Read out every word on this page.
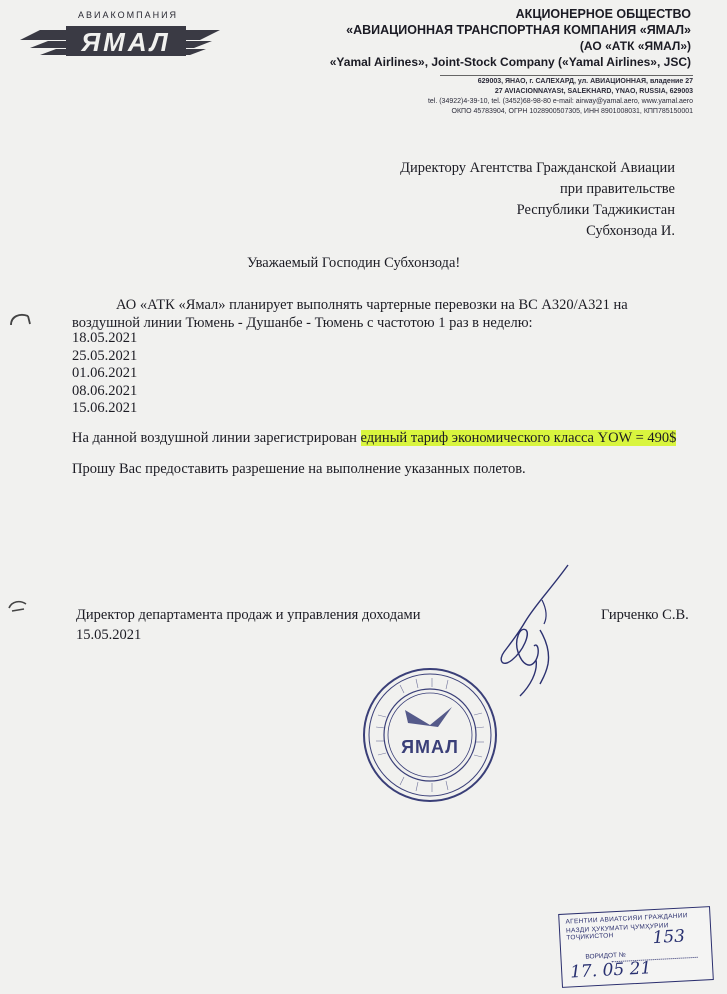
ЯМАЛ
АВИАКОМПАНИЯ	АКЦИОНЕРНОЕ ОБЩЕСТВО
«АВИАЦИОННАЯ ТРАНСПОРТНАЯ КОМПАНИЯ «ЯМАЛ»
(АО «АТК «ЯМАЛ»)
«Yamal Airlines», Joint-Stock Company («Yamal Airlines», JSC)
629003, ЯНАО, г. САЛЕХАРД, ул. АВИАЦИОННАЯ, владение 27
27 AVIACIONNAYASt, SALEKHARD, YNAO, RUSSIA, 629003
tel. (34922)4-39-10, tel. (3452)68-98-80 e-mail: airway@yamal.aero, www.yamal.aero
ОКПО 45783904, ОГРН 1028900507305, ИНН 8901008031, КПП785150001
Директору Агентства Гражданской Авиации
при правительстве
Республики Таджикистан
Субхонзода И.
Уважаемый Господин Субхонзода!
АО «АТК «Ямал» планирует выполнять чартерные перевозки на ВС А320/А321 на воздушной линии Тюмень - Душанбе - Тюмень с частотою 1 раз в неделю:
18.05.2021
25.05.2021
01.06.2021
08.06.2021
15.06.2021
На данной воздушной линии зарегистрирован единый тариф экономического класса YOW = 490$
Прошу Вас предоставить разрешение на выполнение указанных полетов.
Директор департамента продаж и управления доходами
15.05.2021
Гирченко С.В.
ЯМАЛ
АГЕНТИИ АВИАТСИЯИ ГРАЖДАНИИ
НАЗДИ ҲУКУМАТИ ҶУМҲУРИИ ТОҶИКИСТОН	153
ВОРИДОТ №
17. 05 21
